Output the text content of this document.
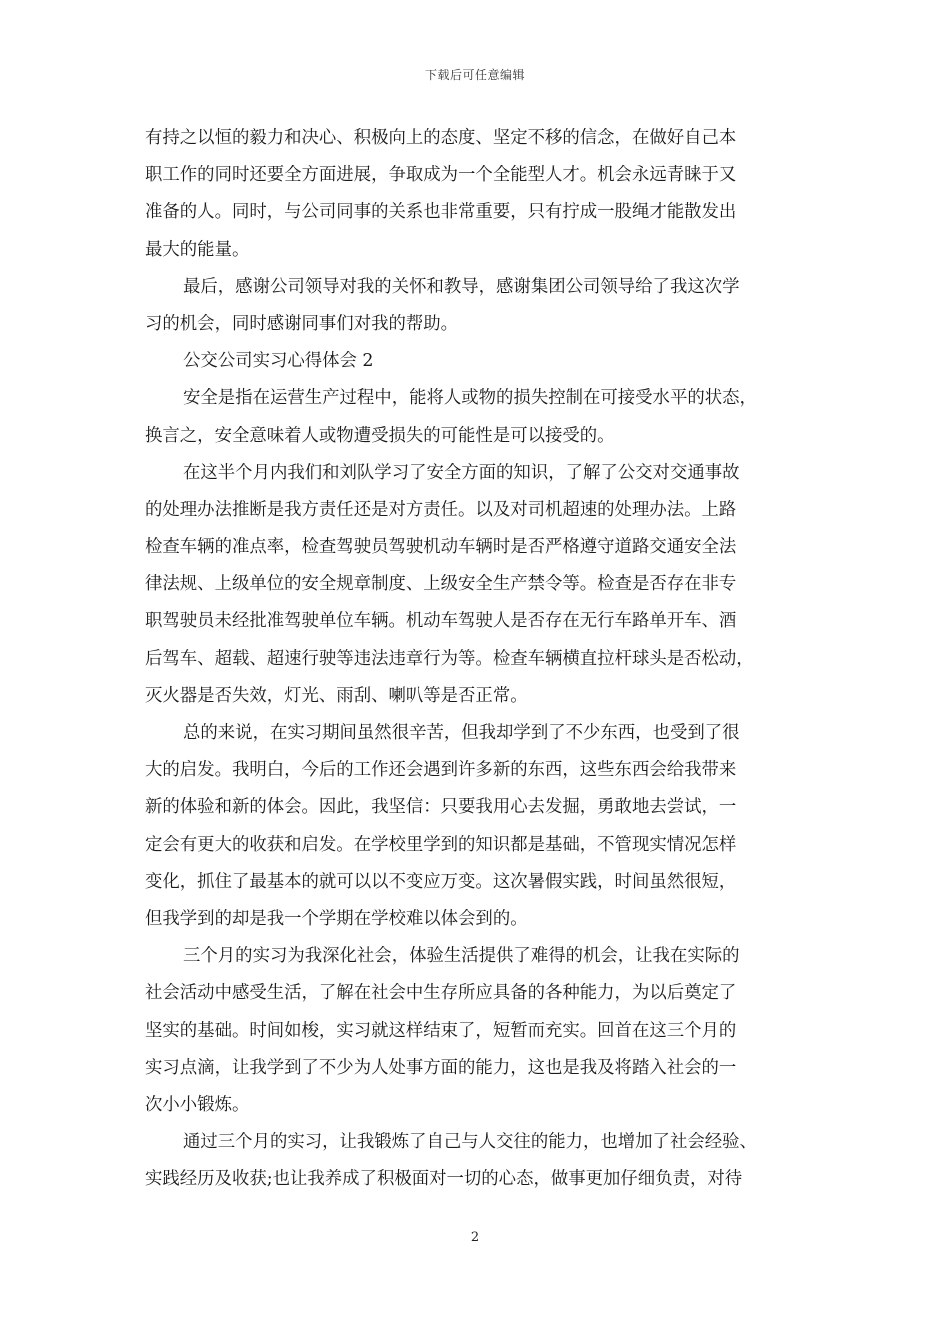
下载后可任意编辑
有持之以恒的毅力和决心、积极向上的态度、坚定不移的信念，在做好自己本
职工作的同时还要全方面进展，争取成为一个全能型人才。机会永远青睐于又
准备的人。同时，与公司同事的关系也非常重要，只有拧成一股绳才能散发出
最大的能量。
最后，感谢公司领导对我的关怀和教导，感谢集团公司领导给了我这次学
习的机会，同时感谢同事们对我的帮助。
公交公司实习心得体会 2
安全是指在运营生产过程中，能将人或物的损失控制在可接受水平的状态，
换言之，安全意味着人或物遭受损失的可能性是可以接受的。
在这半个月内我们和刘队学习了安全方面的知识，了解了公交对交通事故
的处理办法推断是我方责任还是对方责任。以及对司机超速的处理办法。上路
检查车辆的准点率，检查驾驶员驾驶机动车辆时是否严格遵守道路交通安全法
律法规、上级单位的安全规章制度、上级安全生产禁令等。检查是否存在非专
职驾驶员未经批准驾驶单位车辆。机动车驾驶人是否存在无行车路单开车、酒
后驾车、超载、超速行驶等违法违章行为等。检查车辆横直拉杆球头是否松动，
灭火器是否失效，灯光、雨刮、喇叭等是否正常。
总的来说，在实习期间虽然很辛苦，但我却学到了不少东西，也受到了很
大的启发。我明白，今后的工作还会遇到许多新的东西，这些东西会给我带来
新的体验和新的体会。因此，我坚信：只要我用心去发掘，勇敢地去尝试，一
定会有更大的收获和启发。在学校里学到的知识都是基础，不管现实情况怎样
变化，抓住了最基本的就可以以不变应万变。这次暑假实践，时间虽然很短，
但我学到的却是我一个学期在学校难以体会到的。
三个月的实习为我深化社会，体验生活提供了难得的机会，让我在实际的
社会活动中感受生活，了解在社会中生存所应具备的各种能力，为以后奠定了
坚实的基础。时间如梭，实习就这样结束了，短暂而充实。回首在这三个月的
实习点滴，让我学到了不少为人处事方面的能力，这也是我及将踏入社会的一
次小小锻炼。
通过三个月的实习，让我锻炼了自己与人交往的能力，也增加了社会经验、
实践经历及收获;也让我养成了积极面对一切的心态，做事更加仔细负责，对待
2
